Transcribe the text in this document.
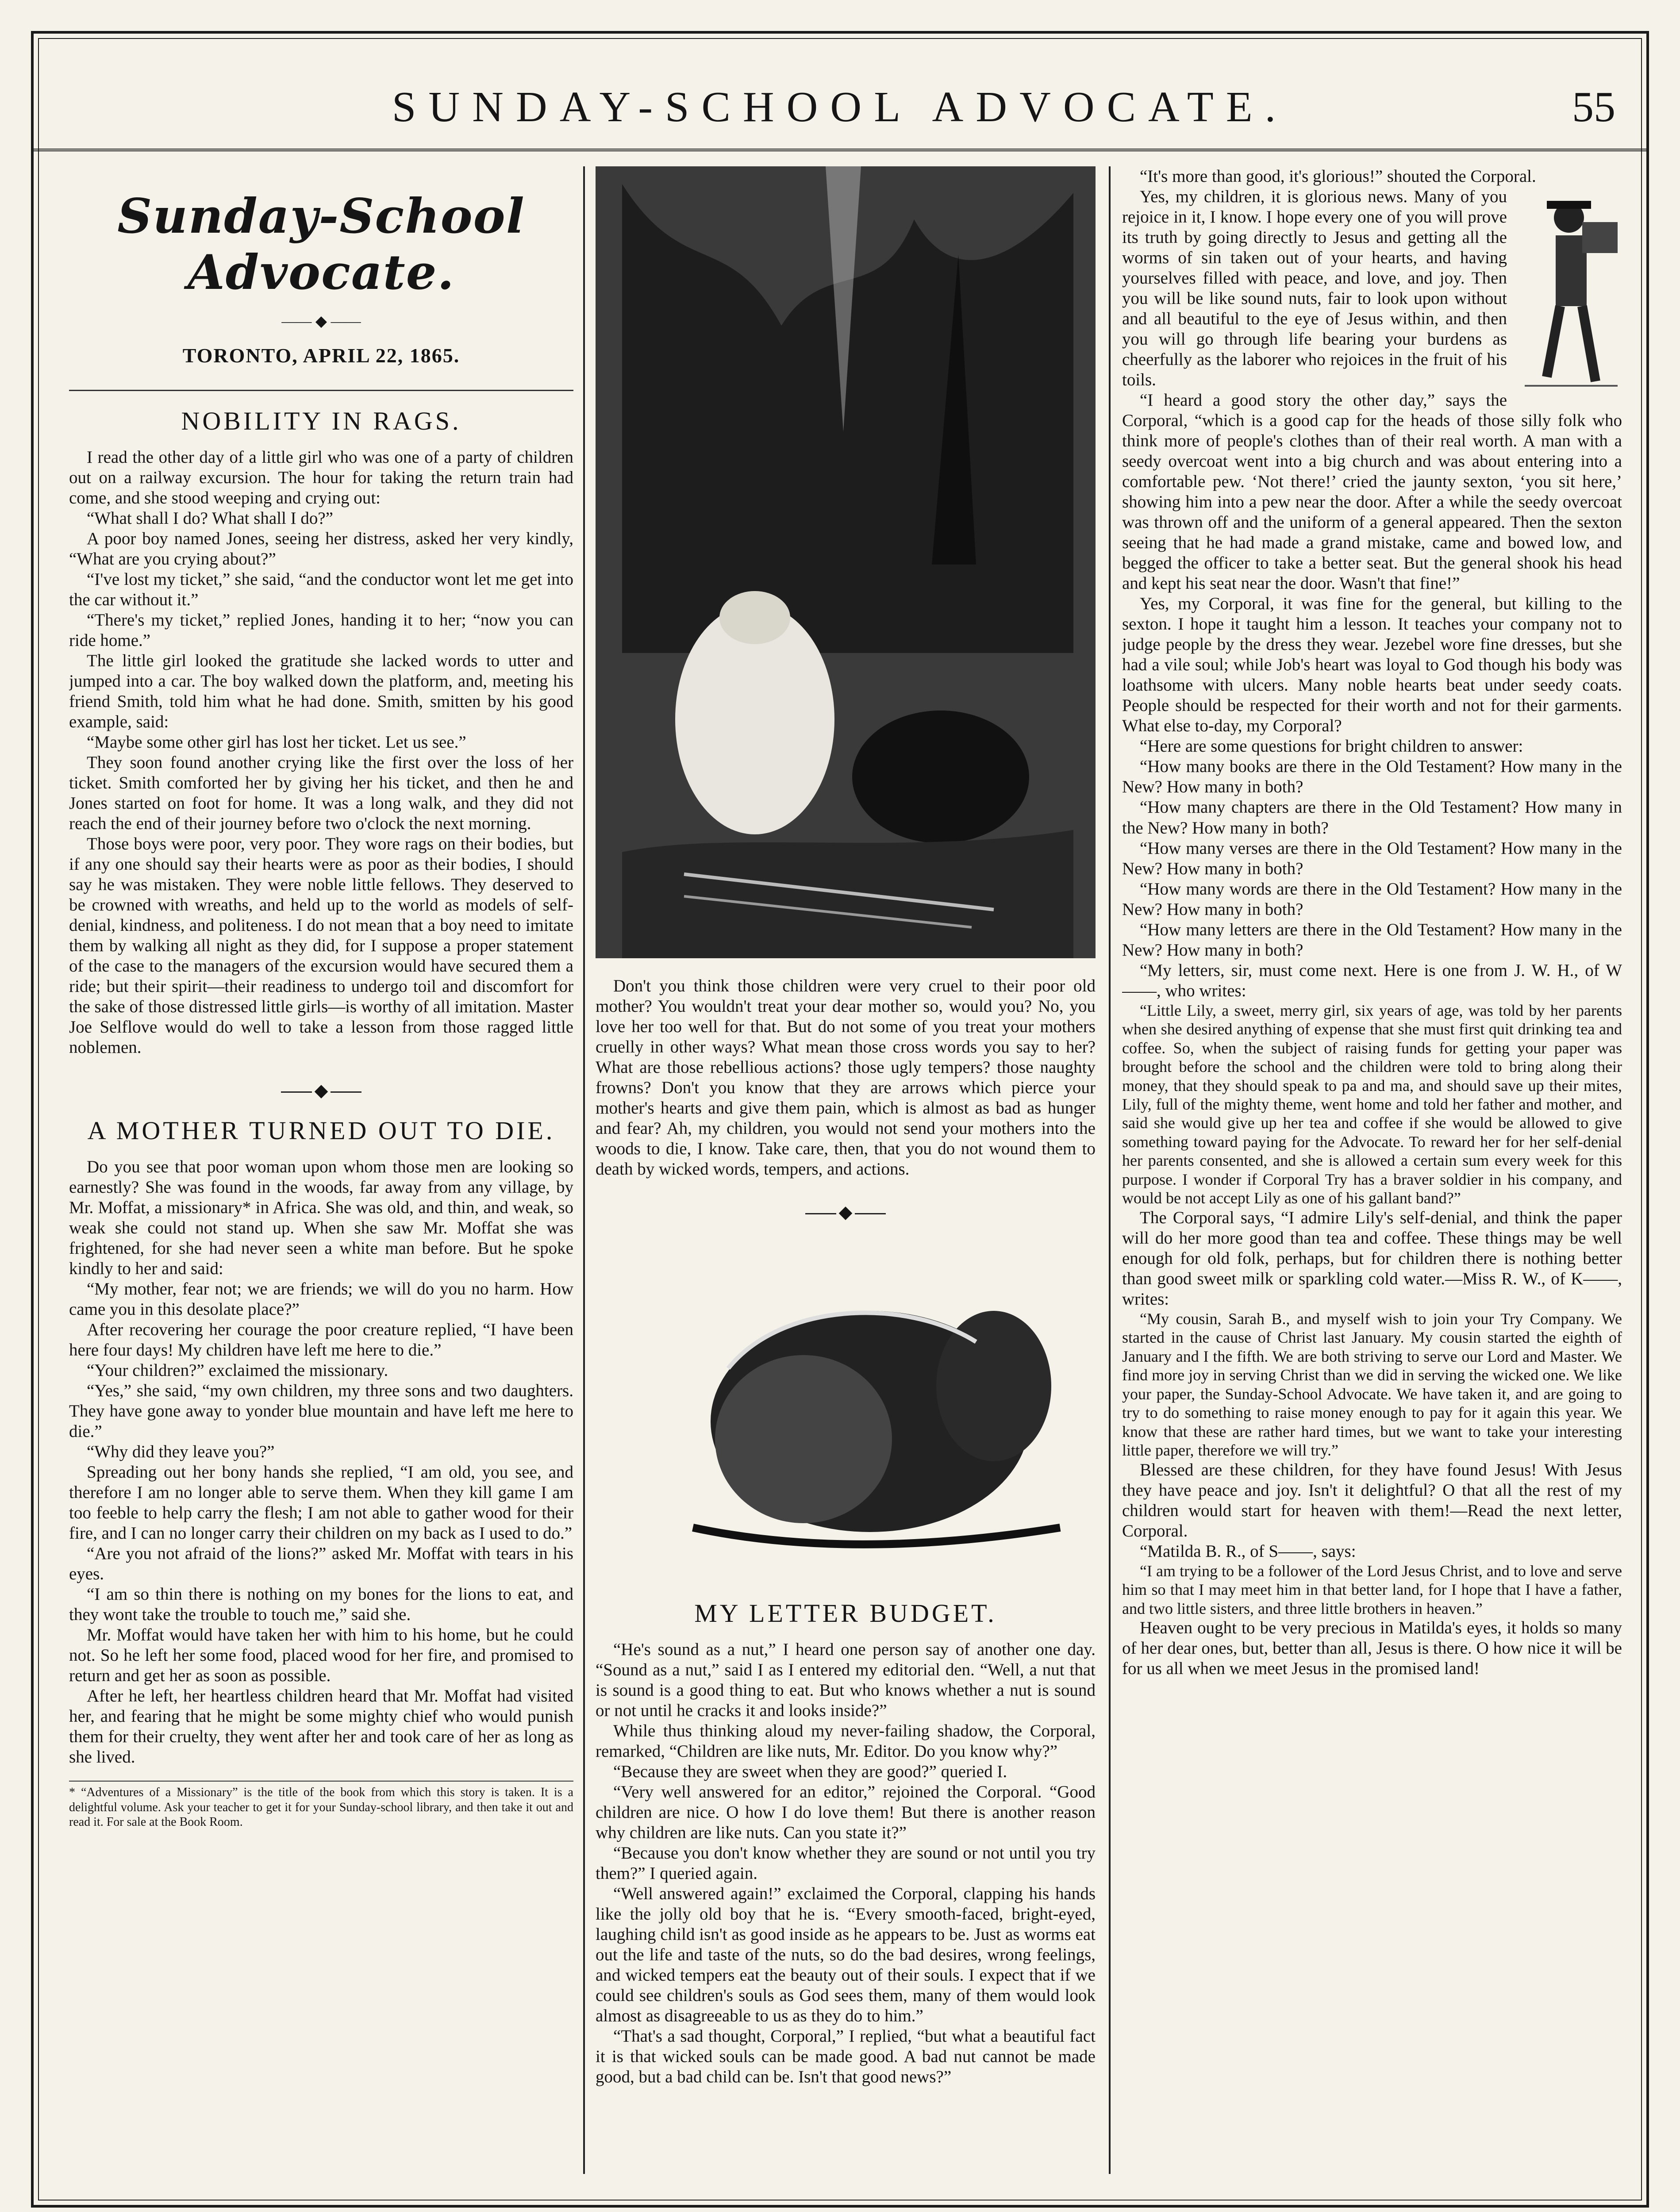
SUNDAY-SCHOOL ADVOCATE.	55
Sunday-School Advocate.
—— ◆ ——
TORONTO, APRIL 22, 1865.
NOBILITY IN RAGS.

I read the other day of a little girl who was one of a party of children out on a railway excursion. The hour for taking the return train had come, and she stood weeping and crying out:

“What shall I do? What shall I do?”

A poor boy named Jones, seeing her distress, asked her very kindly, “What are you crying about?”

“I've lost my ticket,” she said, “and the conductor wont let me get into the car without it.”

“There's my ticket,” replied Jones, handing it to her; “now you can ride home.”

The little girl looked the gratitude she lacked words to utter and jumped into a car. The boy walked down the platform, and, meeting his friend Smith, told him what he had done. Smith, smitten by his good example, said:

“Maybe some other girl has lost her ticket. Let us see.”

They soon found another crying like the first over the loss of her ticket. Smith comforted her by giving her his ticket, and then he and Jones started on foot for home. It was a long walk, and they did not reach the end of their journey before two o'clock the next morning.

Those boys were poor, very poor. They wore rags on their bodies, but if any one should say their hearts were as poor as their bodies, I should say he was mistaken. They were noble little fellows. They deserved to be crowned with wreaths, and held up to the world as models of self-denial, kindness, and politeness. I do not mean that a boy need to imitate them by walking all night as they did, for I suppose a proper statement of the case to the managers of the excursion would have secured them a ride; but their spirit—their readiness to undergo toil and discomfort for the sake of those distressed little girls—is worthy of all imitation. Master Joe Selflove would do well to take a lesson from those ragged little noblemen.

◆
A MOTHER TURNED OUT TO DIE.

Do you see that poor woman upon whom those men are looking so earnestly? She was found in the woods, far away from any village, by Mr. Moffat, a missionary* in Africa. She was old, and thin, and weak, so weak she could not stand up. When she saw Mr. Moffat she was frightened, for she had never seen a white man before. But he spoke kindly to her and said:

“My mother, fear not; we are friends; we will do you no harm. How came you in this desolate place?”

After recovering her courage the poor creature replied, “I have been here four days! My children have left me here to die.”

“Your children?” exclaimed the missionary.

“Yes,” she said, “my own children, my three sons and two daughters. They have gone away to yonder blue mountain and have left me here to die.”

“Why did they leave you?”

Spreading out her bony hands she replied, “I am old, you see, and therefore I am no longer able to serve them. When they kill game I am too feeble to help carry the flesh; I am not able to gather wood for their fire, and I can no longer carry their children on my back as I used to do.”

“Are you not afraid of the lions?” asked Mr. Moffat with tears in his eyes.

“I am so thin there is nothing on my bones for the lions to eat, and they wont take the trouble to touch me,” said she.

Mr. Moffat would have taken her with him to his home, but he could not. So he left her some food, placed wood for her fire, and promised to return and get her as soon as possible.

After he left, her heartless children heard that Mr. Moffat had visited her, and fearing that he might be some mighty chief who would punish them for their cruelty, they went after her and took care of her as long as she lived.

* “Adventures of a Missionary” is the title of the book from which this story is taken. It is a delightful volume. Ask your teacher to get it for your Sunday-school library, and then take it out and read it. For sale at the Book Room.

Don't you think those children were very cruel to their poor old mother? You wouldn't treat your dear mother so, would you? No, you love her too well for that. But do not some of you treat your mothers cruelly in other ways? What mean those cross words you say to her? What are those rebellious actions? those ugly tempers? those naughty frowns? Don't you know that they are arrows which pierce your mother's hearts and give them pain, which is almost as bad as hunger and fear? Ah, my children, you would not send your mothers into the woods to die, I know. Take care, then, that you do not wound them to death by wicked words, tempers, and actions.

◆
MY LETTER BUDGET.

“He's sound as a nut,” I heard one person say of another one day. “Sound as a nut,” said I as I entered my editorial den. “Well, a nut that is sound is a good thing to eat. But who knows whether a nut is sound or not until he cracks it and looks inside?”

While thus thinking aloud my never-failing shadow, the Corporal, remarked, “Children are like nuts, Mr. Editor. Do you know why?”

“Because they are sweet when they are good?” queried I.

“Very well answered for an editor,” rejoined the Corporal. “Good children are nice. O how I do love them! But there is another reason why children are like nuts. Can you state it?”

“Because you don't know whether they are sound or not until you try them?” I queried again.

“Well answered again!” exclaimed the Corporal, clapping his hands like the jolly old boy that he is. “Every smooth-faced, bright-eyed, laughing child isn't as good inside as he appears to be. Just as worms eat out the life and taste of the nuts, so do the bad desires, wrong feelings, and wicked tempers eat the beauty out of their souls. I expect that if we could see children's souls as God sees them, many of them would look almost as disagreeable to us as they do to him.”

“That's a sad thought, Corporal,” I replied, “but what a beautiful fact it is that wicked souls can be made good. A bad nut cannot be made good, but a bad child can be. Isn't that good news?”

“It's more than good, it's glorious!” shouted the Corporal.

Yes, my children, it is glorious news. Many of you rejoice in it, I know. I hope every one of you will prove its truth by going directly to Jesus and getting all the worms of sin taken out of your hearts, and having yourselves filled with peace, and love, and joy. Then you will be like sound nuts, fair to look upon without and all beautiful to the eye of Jesus within, and then you will go through life bearing your burdens as cheerfully as the laborer who rejoices in the fruit of his toils.

“I heard a good story the other day,” says the Corporal, “which is a good cap for the heads of those silly folk who think more of people's clothes than of their real worth. A man with a seedy overcoat went into a big church and was about entering into a comfortable pew. ‘Not there!’ cried the jaunty sexton, ‘you sit here,’ showing him into a pew near the door. After a while the seedy overcoat was thrown off and the uniform of a general appeared. Then the sexton seeing that he had made a grand mistake, came and bowed low, and begged the officer to take a better seat. But the general shook his head and kept his seat near the door. Wasn't that fine!”

Yes, my Corporal, it was fine for the general, but killing to the sexton. I hope it taught him a lesson. It teaches your company not to judge people by the dress they wear. Jezebel wore fine dresses, but she had a vile soul; while Job's heart was loyal to God though his body was loathsome with ulcers. Many noble hearts beat under seedy coats. People should be respected for their worth and not for their garments. What else to-day, my Corporal?

“Here are some questions for bright children to answer:

“How many books are there in the Old Testament? How many in the New? How many in both?

“How many chapters are there in the Old Testament? How many in the New? How many in both?

“How many verses are there in the Old Testament? How many in the New? How many in both?

“How many words are there in the Old Testament? How many in the New? How many in both?

“How many letters are there in the Old Testament? How many in the New? How many in both?

“My letters, sir, must come next. Here is one from J. W. H., of W——, who writes:

“Little Lily, a sweet, merry girl, six years of age, was told by her parents when she desired anything of expense that she must first quit drinking tea and coffee. So, when the subject of raising funds for getting your paper was brought before the school and the children were told to bring along their money, that they should speak to pa and ma, and should save up their mites, Lily, full of the mighty theme, went home and told her father and mother, and said she would give up her tea and coffee if she would be allowed to give something toward paying for the Advocate. To reward her for her self-denial her parents consented, and she is allowed a certain sum every week for this purpose. I wonder if Corporal Try has a braver soldier in his company, and would be not accept Lily as one of his gallant band?”

The Corporal says, “I admire Lily's self-denial, and think the paper will do her more good than tea and coffee. These things may be well enough for old folk, perhaps, but for children there is nothing better than good sweet milk or sparkling cold water.—Miss R. W., of K——, writes:

“My cousin, Sarah B., and myself wish to join your Try Company. We started in the cause of Christ last January. My cousin started the eighth of January and I the fifth. We are both striving to serve our Lord and Master. We find more joy in serving Christ than we did in serving the wicked one. We like your paper, the Sunday-School Advocate. We have taken it, and are going to try to do something to raise money enough to pay for it again this year. We know that these are rather hard times, but we want to take your interesting little paper, therefore we will try.”

Blessed are these children, for they have found Jesus! With Jesus they have peace and joy. Isn't it delightful? O that all the rest of my children would start for heaven with them!—Read the next letter, Corporal.

“Matilda B. R., of S——, says:

“I am trying to be a follower of the Lord Jesus Christ, and to love and serve him so that I may meet him in that better land, for I hope that I have a father, and two little sisters, and three little brothers in heaven.”

Heaven ought to be very precious in Matilda's eyes, it holds so many of her dear ones, but, better than all, Jesus is there. O how nice it will be for us all when we meet Jesus in the promised land!
